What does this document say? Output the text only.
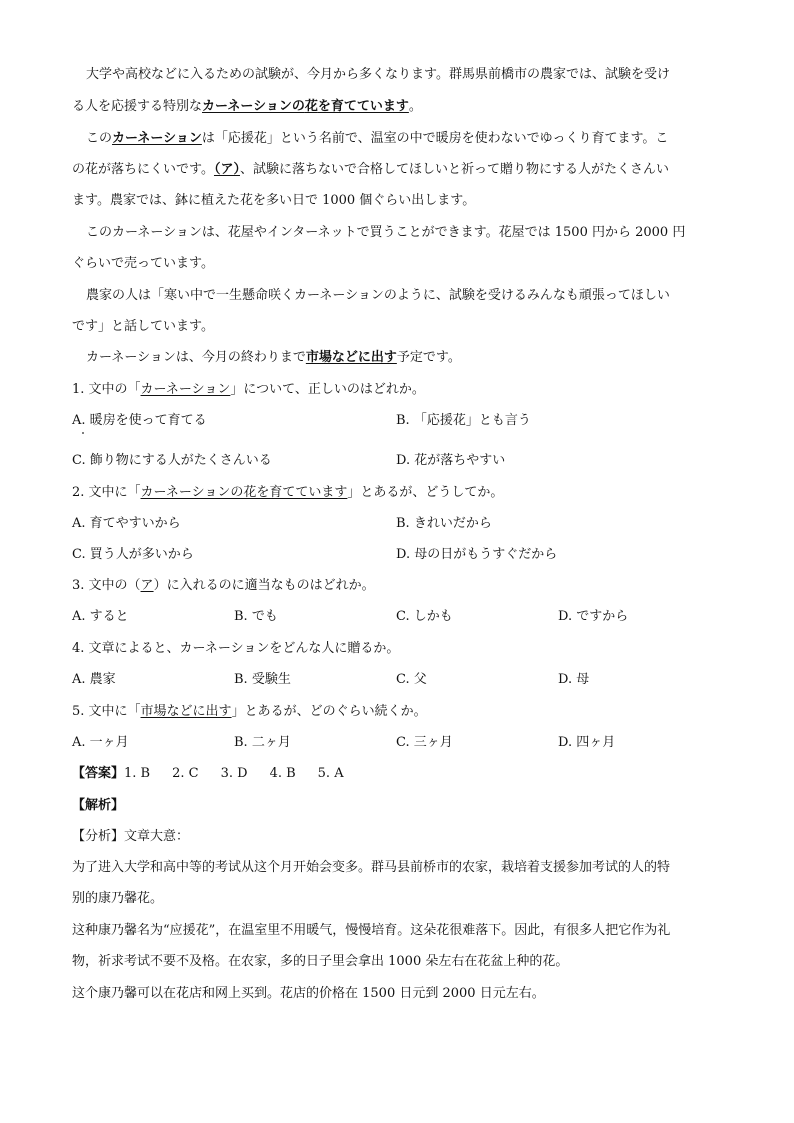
大学や高校などに入るための試験が、今月から多くなります。群馬県前橋市の農家では、試験を受け
る人を応援する特別なカーネーションの花を育てています。
このカーネーションは「応援花」という名前で、温室の中で暖房を使わないでゆっくり育てます。こ
の花が落ちにくいです。（ア）、試験に落ちないで合格してほしいと祈って贈り物にする人がたくさんい
ます。農家では、鉢に植えた花を多い日で 1000 個ぐらい出します。
このカーネーションは、花屋やインターネットで買うことができます。花屋では 1500 円から 2000 円
ぐらいで売っています。
農家の人は「寒い中で一生懸命咲くカーネーションのように、試験を受けるみんなも頑張ってほしい
です」と話しています。
カーネーションは、今月の終わりまで市場などに出す予定です。
1. 文中の「カーネーション」について、正しいのはどれか。
A. 暖房を使って育てる	B. 「応援花」とも言う
C. 飾り物にする人がたくさんいる	D. 花が落ちやすい
2. 文中に「カーネーションの花を育てています」とあるが、どうしてか。
A. 育てやすいから	B. きれいだから
C. 買う人が多いから	D. 母の日がもうすぐだから
3. 文中の（ア）に入れるのに適当なものはどれか。
A. すると	B. でも	C. しかも	D. ですから
4. 文章によると、カーネーションをどんな人に贈るか。
A. 農家	B. 受験生	C. 父	D. 母
5. 文中に「市場などに出す」とあるが、どのぐらい続くか。
A. 一ヶ月	B. 二ヶ月	C. 三ヶ月	D. 四ヶ月
【答案】1. B 2. C 3. D 4. B 5. A
【解析】
【分析】文章大意：
为了进入大学和高中等的考试从这个月开始会变多。群马县前桥市的农家，栽培着支援参加考试的人的特
别的康乃馨花。
这种康乃馨名为“应援花”，在温室里不用暖气，慢慢培育。这朵花很难落下。因此，有很多人把它作为礼
物，祈求考试不要不及格。在农家，多的日子里会拿出 1000 朵左右在花盆上种的花。
这个康乃馨可以在花店和网上买到。花店的价格在 1500 日元到 2000 日元左右。
